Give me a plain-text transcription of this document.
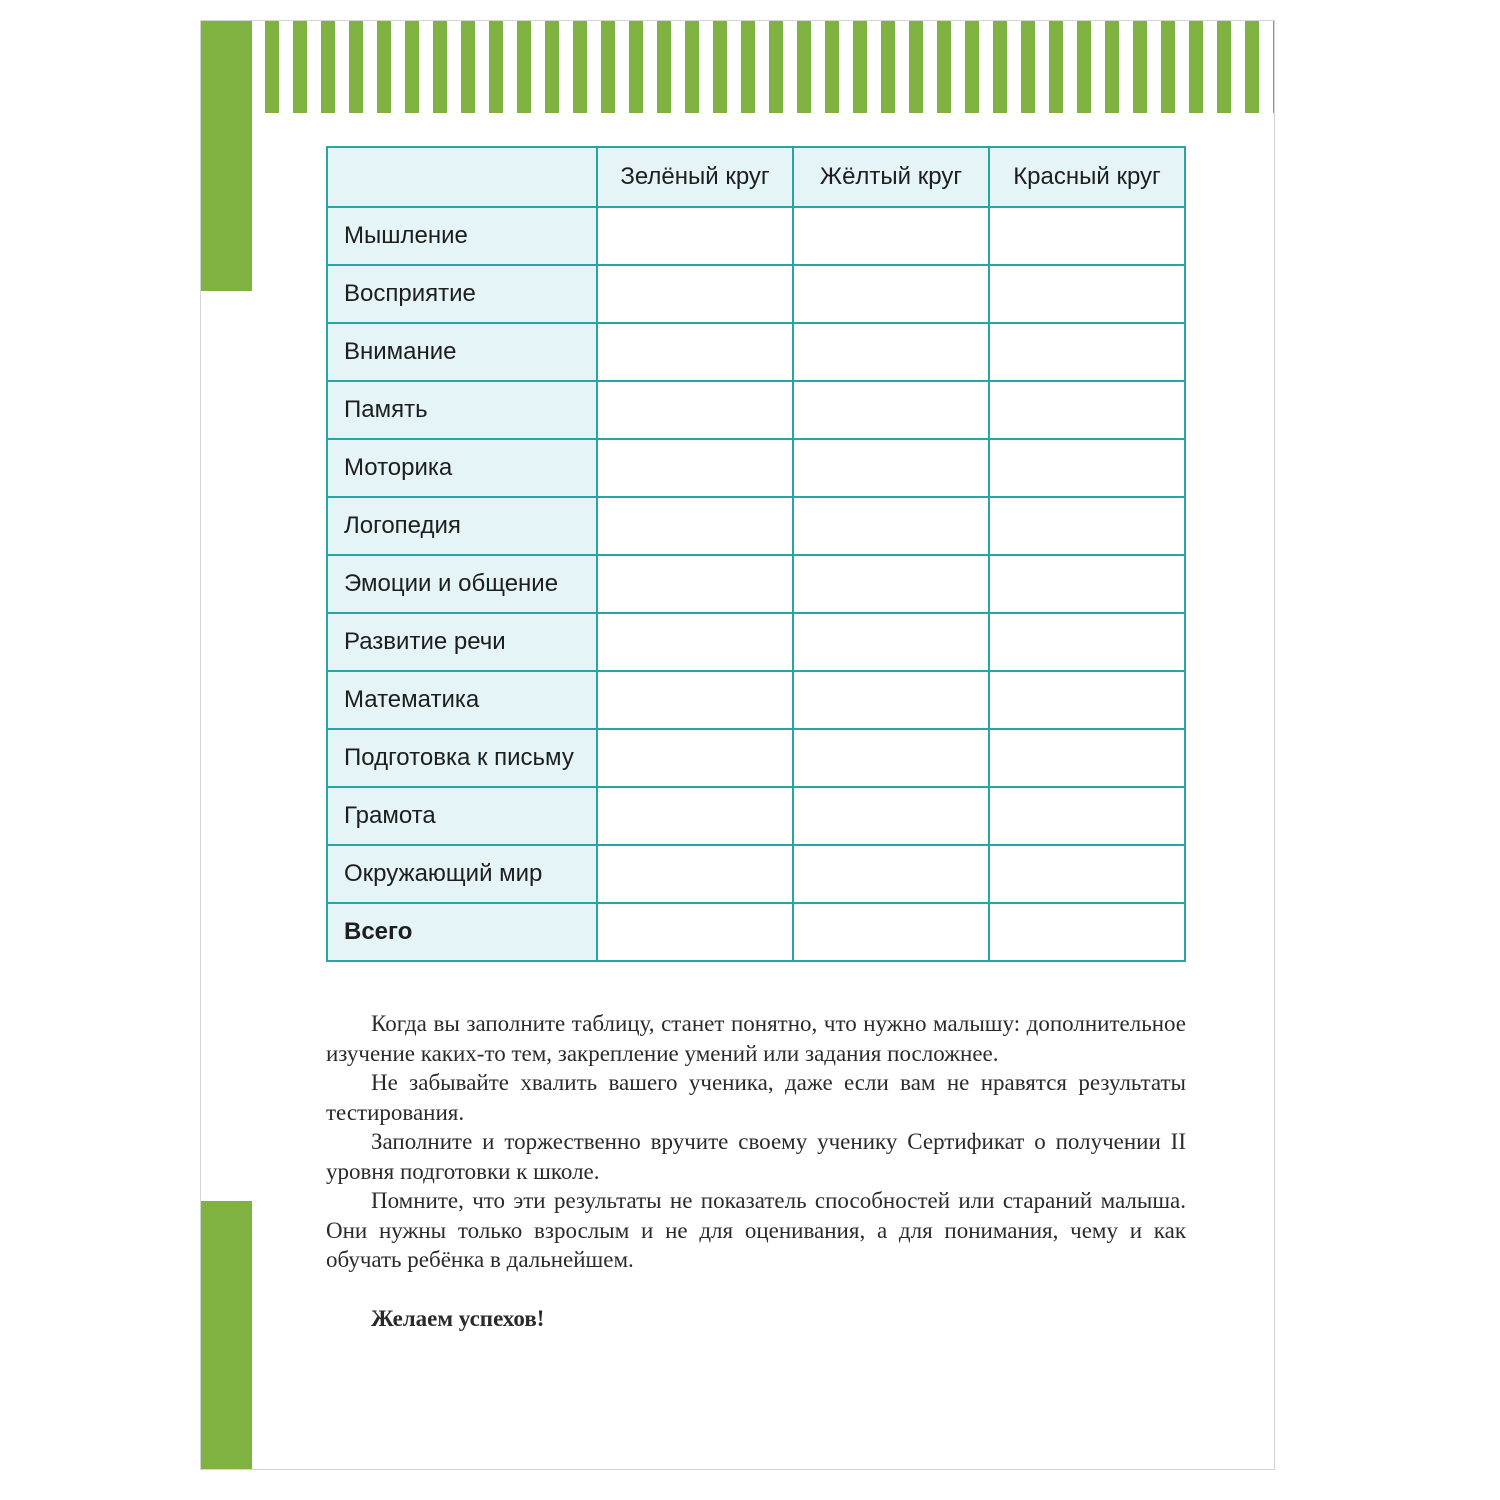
	Зелёный круг	Жёлтый круг	Красный круг
Мышление			
Восприятие			
Внимание			
Память			
Моторика			
Логопедия			
Эмоции и общение			
Развитие речи			
Математика			
Подготовка к письму			
Грамота			
Окружающий мир			
Всего			

Когда вы заполните таблицу, станет понятно, что нужно малышу: дополнительное изучение каких-то тем, закрепление умений или задания посложнее.

Не забывайте хвалить вашего ученика, даже если вам не нравятся результаты тестирования.

Заполните и торжественно вручите своему ученику Сертификат о получении II уровня подготовки к школе.

Помните, что эти результаты не показатель способностей или стараний малыша. Они нужны только взрослым и не для оценивания, а для понимания, чему и как обучать ребёнка в дальнейшем.

Желаем успехов!
